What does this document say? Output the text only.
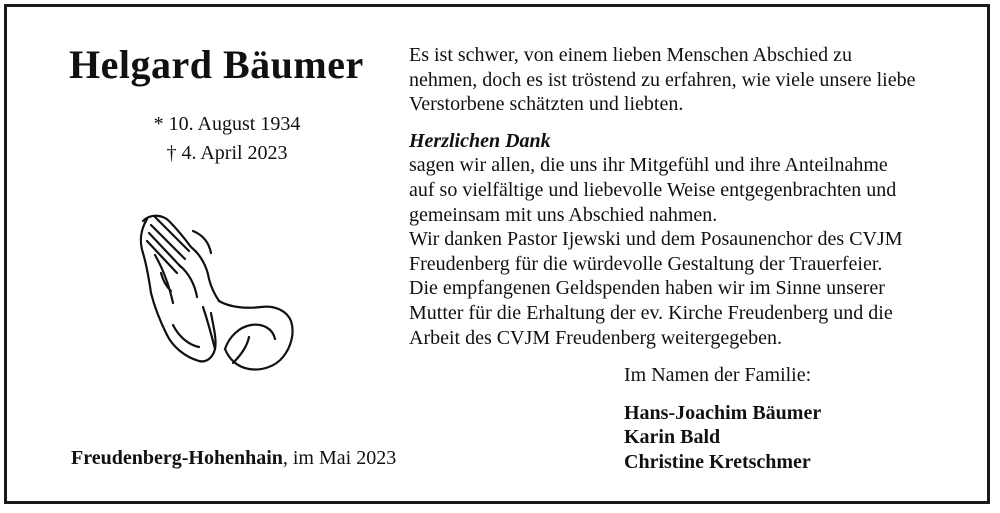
Helgard Bäumer
* 10. August 1934
† 4. April 2023
Freudenberg-Hohenhain, im Mai 2023

Es ist schwer, von einem lieben Menschen Abschied zu

nehmen, doch es ist tröstend zu erfahren, wie viele unsere liebe

Verstorbene schätzten und liebten.

Herzlichen Dank

sagen wir allen, die uns ihr Mitgefühl und ihre Anteilnahme

auf so vielfältige und liebevolle Weise entgegenbrachten und

gemeinsam mit uns Abschied nahmen.

Wir danken Pastor Ijewski und dem Posaunenchor des CVJM

Freudenberg für die würdevolle Gestaltung der Trauerfeier.

Die empfangenen Geldspenden haben wir im Sinne unserer

Mutter für die Erhaltung der ev. Kirche Freudenberg und die

Arbeit des CVJM Freudenberg weitergegeben.

Im Namen der Familie:
Hans-Joachim Bäumer
Karin Bald
Christine Kretschmer
